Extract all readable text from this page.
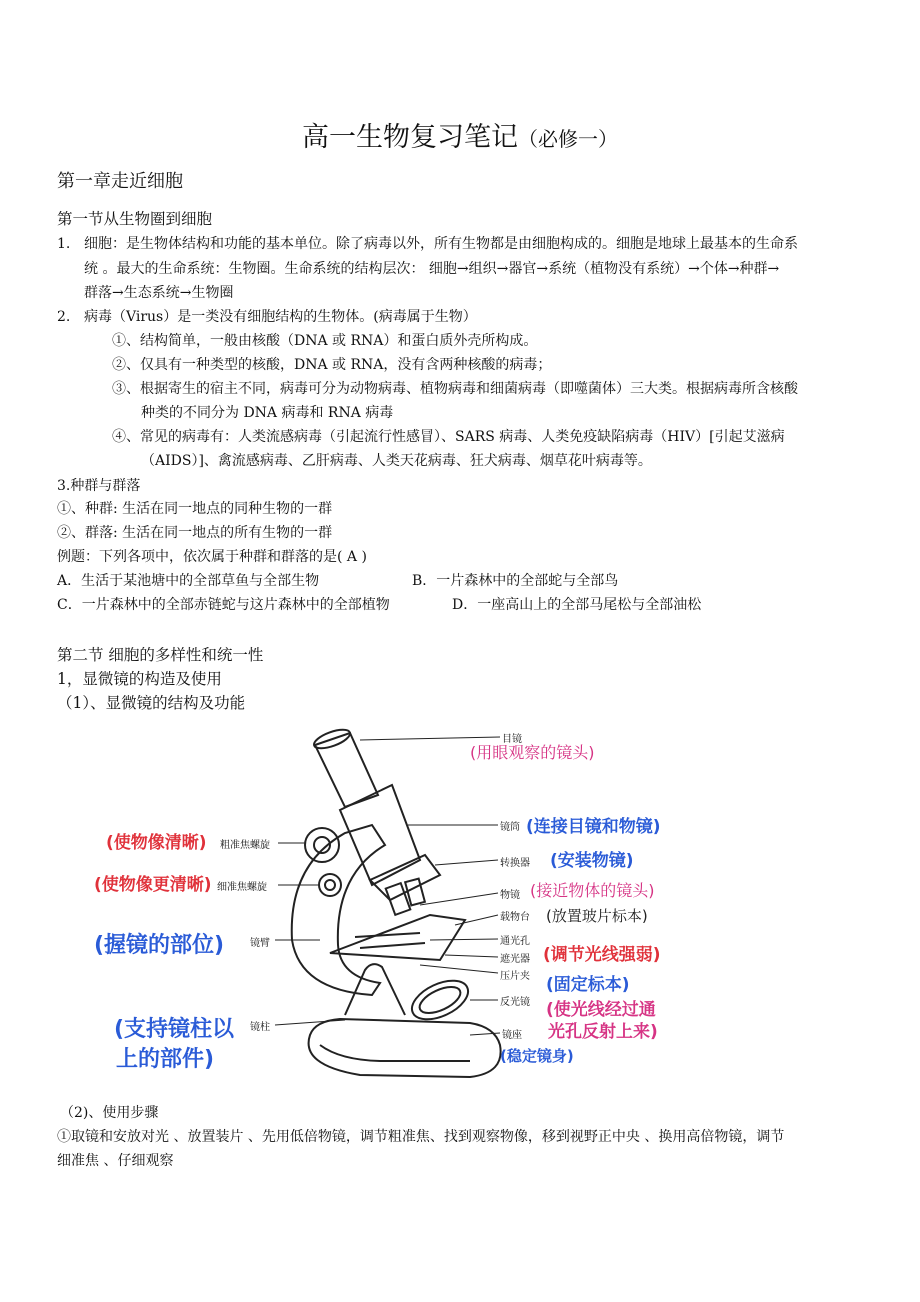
高一生物复习笔记（必修一）
第一章走近细胞
第一节从生物圈到细胞
1. 细胞：是生物体结构和功能的基本单位。除了病毒以外，所有生物都是由细胞构成的。细胞是地球上最基本的生命系
统 。最大的生命系统：生物圈。生命系统的结构层次： 细胞→组织→器官→系统（植物没有系统）→个体→种群→
群落→生态系统→生物圈
2. 病毒（Virus）是一类没有细胞结构的生物体。(病毒属于生物）
①、结构简单，一般由核酸（DNA 或 RNA）和蛋白质外壳所构成。
②、仅具有一种类型的核酸，DNA 或 RNA，没有含两种核酸的病毒；
③、根据寄生的宿主不同，病毒可分为动物病毒、植物病毒和细菌病毒（即噬菌体）三大类。根据病毒所含核酸
种类的不同分为 DNA 病毒和 RNA 病毒
④、常见的病毒有：人类流感病毒（引起流行性感冒）、SARS 病毒、人类免疫缺陷病毒（HIV）[引起艾滋病
（AIDS）]、禽流感病毒、乙肝病毒、人类天花病毒、狂犬病毒、烟草花叶病毒等。
3.种群与群落
①、种群: 生活在同一地点的同种生物的一群
②、群落: 生活在同一地点的所有生物的一群
例题：下列各项中，依次属于种群和群落的是( A )
A．生活于某池塘中的全部草鱼与全部生物	B．一片森林中的全部蛇与全部鸟
C．一片森林中的全部赤链蛇与这片森林中的全部植物	D．一座高山上的全部马尾松与全部油松
第二节 细胞的多样性和统一性
1，显微镜的构造及使用
（1）、显微镜的结构及功能
目镜
镜筒
转换器
物镜
载物台
通光孔
遮光器
压片夹
反光镜
镜座
粗准焦螺旋
细准焦螺旋
镜臂
镜柱
(用眼观察的镜头)
(连接目镜和物镜)
(安装物镜)
(接近物体的镜头)
(放置玻片标本)
(调节光线强弱)
(固定标本)
(使光线经过通
光孔反射上来)
(稳定镜身)
(使物像清晰)
(使物像更清晰)
(握镜的部位)
(支持镜柱以
上的部件)
（2)、使用步骤
①取镜和安放对光 、放置装片 、先用低倍物镜，调节粗准焦、找到观察物像，移到视野正中央 、换用高倍物镜，调节
细准焦 、仔细观察
